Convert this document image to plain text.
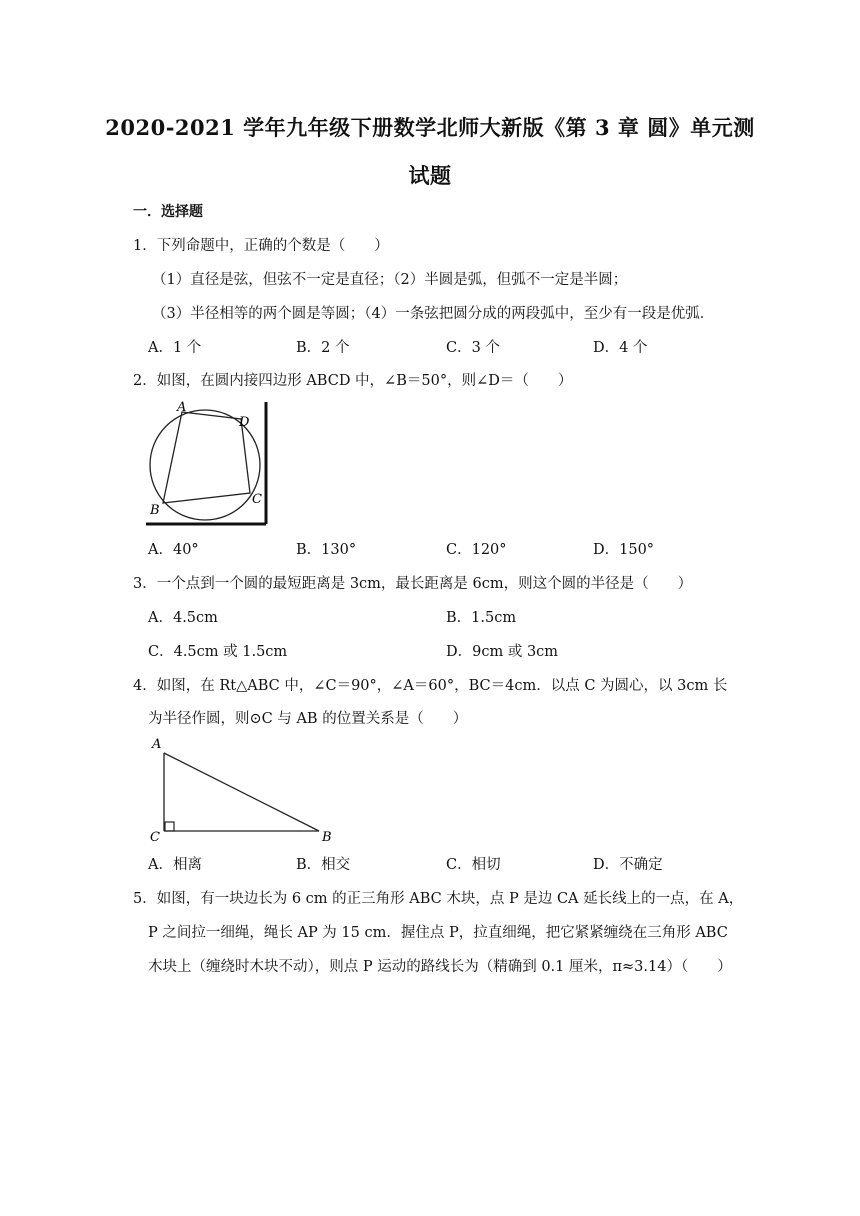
2020-2021 学年九年级下册数学北师大新版《第 3 章 圆》单元测
试题
一．选择题
1．下列命题中，正确的个数是（　　）
（1）直径是弦，但弦不一定是直径；（2）半圆是弧，但弧不一定是半圆；
（3）半径相等的两个圆是等圆；（4）一条弦把圆分成的两段弧中，至少有一段是优弧．
A．1 个	B．2 个	C．3 个	D．4 个
2．如图，在圆内接四边形 ABCD 中，∠B＝50°，则∠D＝（　　）
A
D
B
C
A．40°	B．130°	C．120°	D．150°
3．一个点到一个圆的最短距离是 3cm，最长距离是 6cm，则这个圆的半径是（　　）
A．4.5cm	B．1.5cm
C．4.5cm 或 1.5cm	D．9cm 或 3cm
4．如图，在 Rt△ABC 中，∠C＝90°，∠A＝60°，BC＝4cm．以点 C 为圆心，以 3cm 长
为半径作圆，则⊙C 与 AB 的位置关系是（　　）
A
C	B
A．相离	B．相交	C．相切	D．不确定
5．如图，有一块边长为 6 cm 的正三角形 ABC 木块，点 P 是边 CA 延长线上的一点，在 A，
P 之间拉一细绳，绳长 AP 为 15 cm．握住点 P，拉直细绳，把它紧紧缠绕在三角形 ABC
木块上（缠绕时木块不动），则点 P 运动的路线长为（精确到 0.1 厘米，π≈3.14）（　　）
